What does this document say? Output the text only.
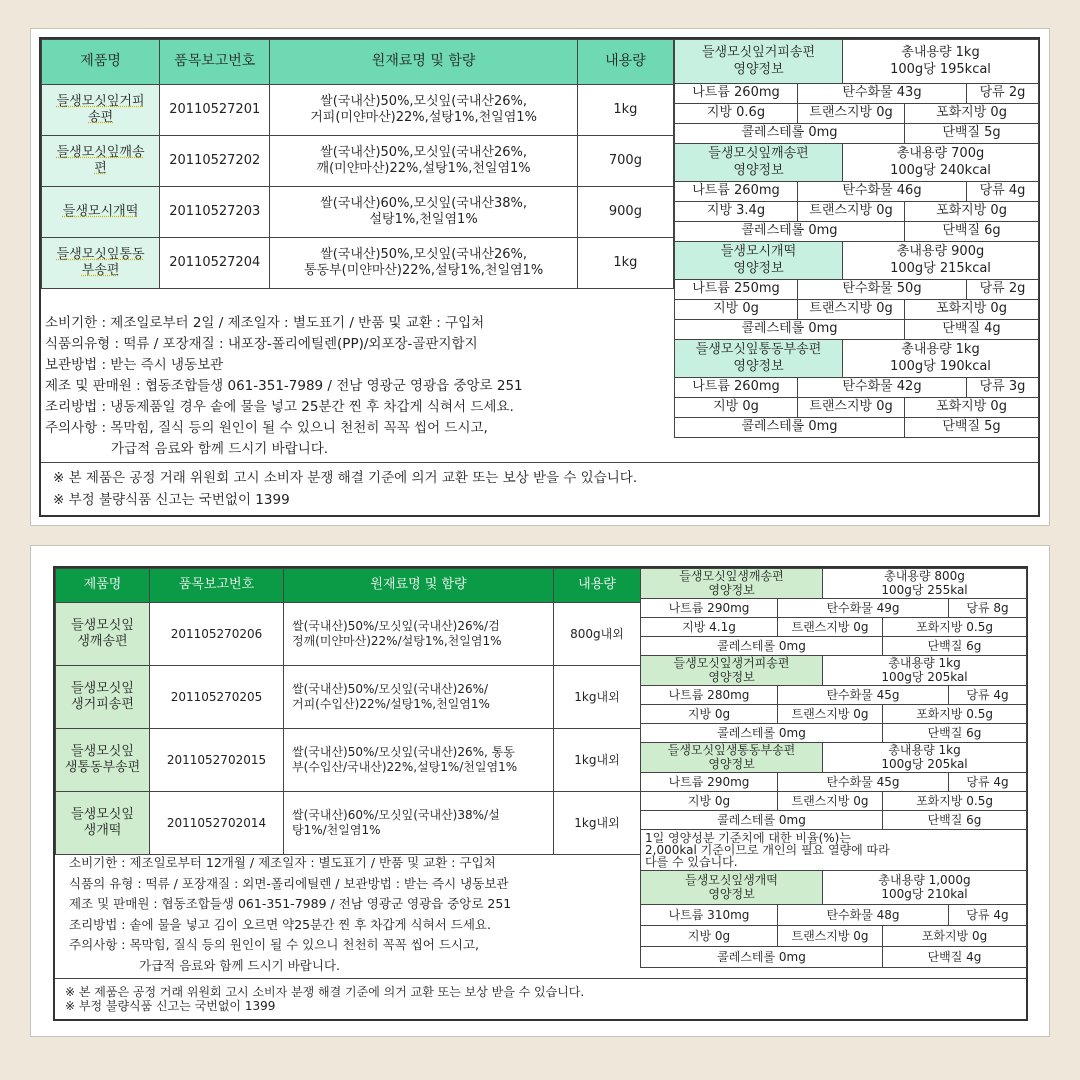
제품명	품목보고번호	원재료명 및 함량	내용량
들생모싯잎거피송편	20110527201	쌀(국내산)50%,모싯잎(국내산26%,
거피(미얀마산)22%,설탕1%,천일염1%	1kg
들생모싯잎깨송편	20110527202	쌀(국내산)50%,모싯잎(국내산26%,
깨(미얀마산)22%,설탕1%,천일염1%	700g
들생모시개떡	20110527203	쌀(국내산)60%,모싯잎(국내산38%,
설탕1%,천일염1%	900g
들생모싯잎통동부송편	20110527204	쌀(국내산)50%,모싯잎(국내산26%,
통동부(미얀마산)22%,설탕1%,천일염1%	1kg
소비기한 : 제조일로부터 2일 / 제조일자 : 별도표기 / 반품 및 교환 : 구입처
식품의유형 : 떡류 / 포장재질 : 내포장-폴리에틸렌(PP)/외포장-골판지합지
보관방법 : 받는 즉시 냉동보관
제조 및 판매원 : 협동조합들생 061-351-7989 / 전남 영광군 영광읍 중앙로 251
조리방법 : 냉동제품일 경우 솥에 물을 넣고 25분간 찐 후 차갑게 식혀서 드세요.
주의사항 : 목막힘, 질식 등의 원인이 될 수 있으니 천천히 꼭꼭 씹어 드시고,
가급적 음료와 함께 드시기 바랍니다.
들생모싯잎거피송편
영양정보		총내용량 1kg
100g당 195kcal		
나트륨 260mg	탄수화물 43g			당류 2g
지방 0.6g	트랜스지방 0g		포화지방 0g	
콜레스테롤 0mg			단백질 5g	
들생모싯잎깨송편
영양정보		총내용량 700g
100g당 240kcal		
나트륨 260mg	탄수화물 46g			당류 4g
지방 3.4g	트랜스지방 0g		포화지방 0g	
콜레스테롤 0mg			단백질 6g	
들생모시개떡
영양정보		총내용량 900g
100g당 215kcal		
나트륨 250mg	탄수화물 50g			당류 2g
지방 0g	트랜스지방 0g		포화지방 0g	
콜레스테롤 0mg			단백질 4g	
들생모싯잎통동부송편
영양정보		총내용량 1kg
100g당 190kcal		
나트륨 260mg	탄수화물 42g			당류 3g
지방 0g	트랜스지방 0g		포화지방 0g	
콜레스테롤 0mg			단백질 5g	
※ 본 제품은 공정 거래 위원회 고시 소비자 분쟁 해결 기준에 의거 교환 또는 보상 받을 수 있습니다.
※ 부정 불량식품 신고는 국번없이 1399
제품명	품목보고번호	원재료명 및 함량	내용량
들생모싯잎
생깨송편	201105270206	쌀(국내산)50%/모싯잎(국내산)26%/검
정깨(미얀마산)22%/설탕1%,천일염1%	800g내외
들생모싯잎
생거피송편	201105270205	쌀(국내산)50%/모싯잎(국내산)26%/
거피(수입산)22%/설탕1%,천일염1%	1kg내외
들생모싯잎
생통동부송편	2011052702015	쌀(국내산)50%/모싯잎(국내산)26%, 통동
부(수입산/국내산)22%,설탕1%/천일염1%	1kg내외
들생모싯잎
생개떡	2011052702014	쌀(국내산)60%/모싯잎(국내산)38%/설
탕1%/천일염1%	1kg내외
소비기한 : 제조일로부터 12개월 / 제조일자 : 별도표기 / 반품 및 교환 : 구입처
식품의 유형 : 떡류 / 포장재질 : 외면-폴리에틸렌 / 보관방법 : 받는 즉시 냉동보관
제조 및 판매원 : 협동조합들생 061-351-7989 / 전남 영광군 영광읍 중앙로 251
조리방법 : 솥에 물을 넣고 김이 오르면 약25분간 찐 후 차갑게 식혀서 드세요.
주의사항 : 목막힘, 질식 등의 원인이 될 수 있으니 천천히 꼭꼭 씹어 드시고,
가급적 음료와 함께 드시기 바랍니다.
들생모싯잎생깨송편
영양정보		총내용량 800g
100g당 255kal		
나트륨 290mg	탄수화물 49g			당류 8g
지방 4.1g	트랜스지방 0g		포화지방 0.5g	
콜레스테롤 0mg			단백질 6g	
들생모싯잎생거피송편
영양정보		총내용량 1kg
100g당 205kal		
나트륨 280mg	탄수화물 45g			당류 4g
지방 0g	트랜스지방 0g		포화지방 0.5g	
콜레스테롤 0mg			단백질 6g	
들생모싯잎생통동부송편
영양정보		총내용량 1kg
100g당 205kal		
나트륨 290mg	탄수화물 45g			당류 4g
지방 0g	트랜스지방 0g		포화지방 0.5g	
콜레스테롤 0mg			단백질 6g	
1일 영양성분 기준치에 대한 비율(%)는
2,000kal 기준이므로 개인의 필요 열량에 따라
다를 수 있습니다.				
들생모싯잎생개떡
영양정보		총내용량 1,000g
100g당 210kal		
나트륨 310mg	탄수화물 48g			당류 4g
지방 0g	트랜스지방 0g		포화지방 0g	
콜레스테롤 0mg			단백질 4g	
※ 본 제품은 공정 거래 위원회 고시 소비자 분쟁 해결 기준에 의거 교환 또는 보상 받을 수 있습니다.
※ 부정 불량식품 신고는 국번없이 1399
